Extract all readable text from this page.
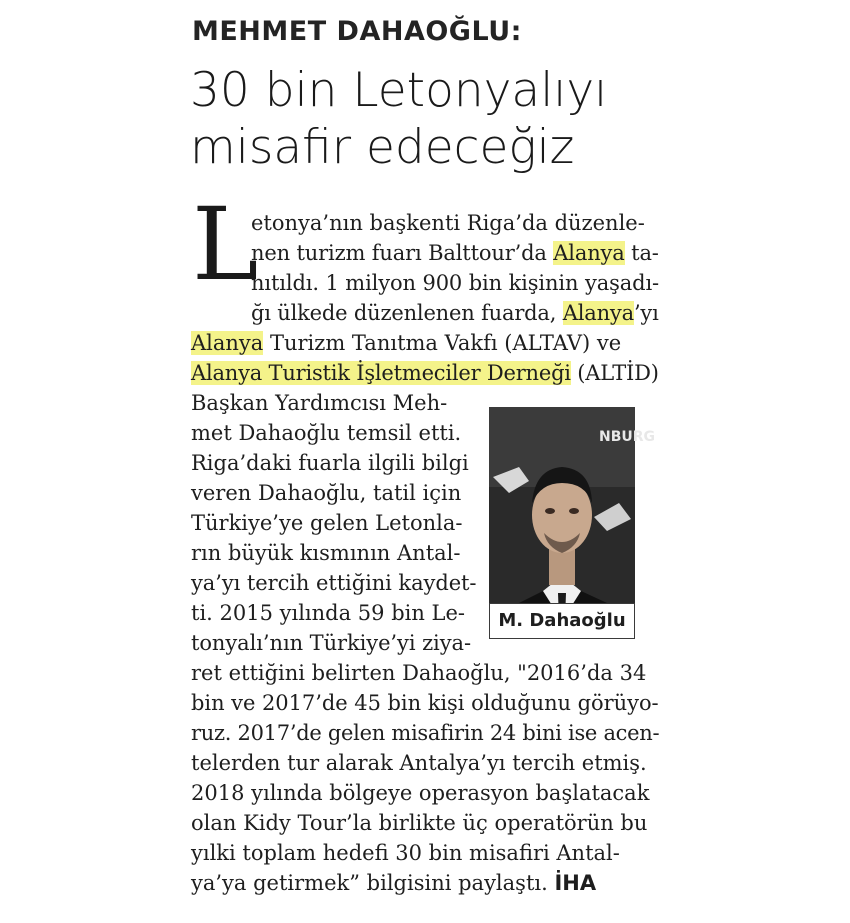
MEHMET DAHAOĞLU:
30 bin Letonyalıyı
misafir edeceğiz
L
etonya’nın başkenti Riga’da düzenle-
nen turizm fuarı Balttour’da Alanya ta-
nıtıldı. 1 milyon 900 bin kişinin yaşadı-
ğı ülkede düzenlenen fuarda, Alanya’yı
Alanya Turizm Tanıtma Vakfı (ALTAV) ve
Alanya Turistik İşletmeciler Derneği (ALTİD)
Başkan Yardımcısı Meh-
met Dahaoğlu temsil etti.
Riga’daki fuarla ilgili bilgi
veren Dahaoğlu, tatil için
Türkiye’ye gelen Letonla-
rın büyük kısmının Antal-
ya’yı tercih ettiğini kaydet-
ti. 2015 yılında 59 bin Le-
tonyalı’nın Türkiye’yi ziya-
ret ettiğini belirten Dahaoğlu, "2016’da 34
bin ve 2017’de 45 bin kişi olduğunu görüyo-
ruz. 2017’de gelen misafirin 24 bini ise acen-
telerden tur alarak Antalya’yı tercih etmiş.
2018 yılında bölgeye operasyon başlatacak
olan Kidy Tour’la birlikte üç operatörün bu
yılki toplam hedefi 30 bin misafiri Antal-
ya’ya getirmek” bilgisini paylaştı. İHA
NBURG
M. Dahaoğlu
